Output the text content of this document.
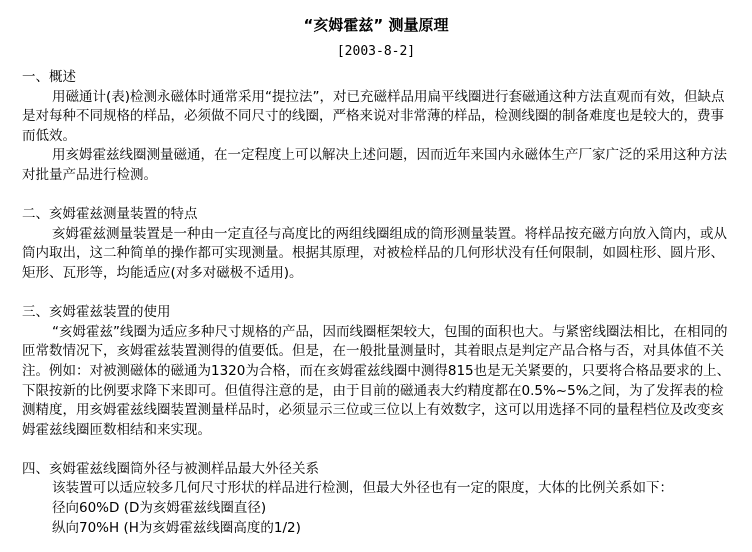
“亥姆霍兹” 测量原理
[2003-8-2]

一、概述

用磁通计(表)检测永磁体时通常采用“提拉法”，对已充磁样品用扁平线圈进行套磁通这种方法直观而有效，但缺点是对每种不同规格的样品，必须做不同尺寸的线圈，严格来说对非常薄的样品，检测线圈的制备难度也是较大的，费事而低效。

用亥姆霍兹线圈测量磁通，在一定程度上可以解决上述问题，因而近年来国内永磁体生产厂家广泛的采用这种方法对批量产品进行检测。

二、亥姆霍兹测量装置的特点

亥姆霍兹测量装置是一种由一定直径与高度比的两组线圈组成的筒形测量装置。将样品按充磁方向放入筒内，或从筒内取出，这二种简单的操作都可实现测量。根据其原理，对被检样品的几何形状没有任何限制，如圆柱形、圆片形、矩形、瓦形等，均能适应(对多对磁极不适用)。

三、亥姆霍兹装置的使用

“亥姆霍兹”线圈为适应多种尺寸规格的产品，因而线圈框架较大，包围的面积也大。与紧密线圈法相比，在相同的匝常数情况下，亥姆霍兹装置测得的值要低。但是，在一般批量测量时，其着眼点是判定产品合格与否，对具体值不关注。例如：对被测磁体的磁通为1320为合格，而在亥姆霍兹线圈中测得815也是无关紧要的，只要将合格品要求的上、下限按新的比例要求降下来即可。但值得注意的是，由于目前的磁通表大约精度都在0.5%~5%之间，为了发挥表的检测精度，用亥姆霍兹线圈装置测量样品时，必须显示三位或三位以上有效数字，这可以用选择不同的量程档位及改变亥姆霍兹线圈匝数相结和来实现。

四、亥姆霍兹线圈筒外径与被测样品最大外径关系

该装置可以适应较多几何尺寸形状的样品进行检测，但最大外径也有一定的限度，大体的比例关系如下：

径向60%D (D为亥姆霍兹线圈直径)

纵向70%H (H为亥姆霍兹线圈高度的1/2)
